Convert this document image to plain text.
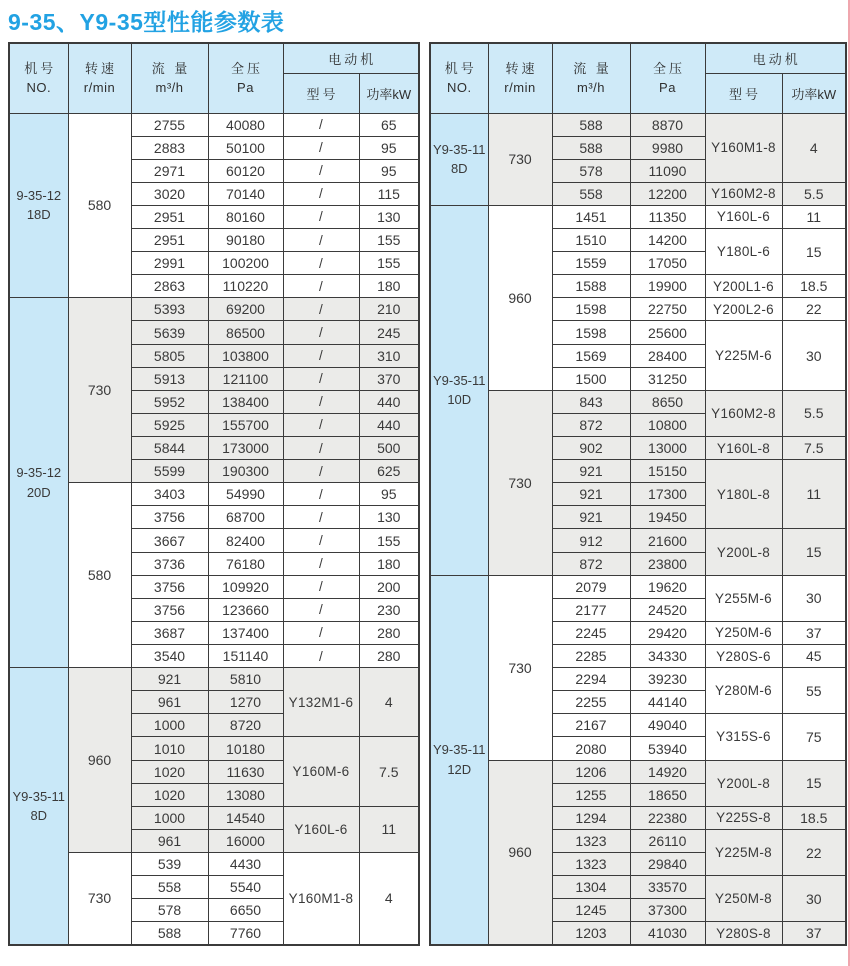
9-35、Y9-35型性能参数表
机号
NO.

转速
r/min

流 量
m³/h

全压
Pa
	电动机
				型号	功率kW

9-35-12
18D	580	2755	40080	/	65
		2883	50100	/	95
		2971	60120	/	95
		3020	70140	/	115
		2951	80160	/	130
		2951	90180	/	155
		2991	100200	/	155
		2863	110220	/	180

9-35-12
20D	730	5393	69200	/	210
		5639	86500	/	245
		5805	103800	/	310
		5913	121100	/	370
		5952	138400	/	440
		5925	155700	/	440
		5844	173000	/	500
		5599	190300	/	625
	580	3403	54990	/	95
		3756	68700	/	130
		3667	82400	/	155
		3736	76180	/	180
		3756	109920	/	200
		3756	123660	/	230
		3687	137400	/	280
		3540	151140	/	280

Y9-35-11
8D	960	921	5810	Y132M1-6	4
		961	1270		
		1000	8720		
		1010	10180	Y160M-6	7.5
		1020	11630		
		1020	13080		
		1000	14540	Y160L-6	11
		961	16000		
	730	539	4430	Y160M1-8	4
		558	5540		
		578	6650		
		588	7760		
机号
NO.

转速
r/min

流 量
m³/h

全压
Pa
	电动机
				型号	功率kW

Y9-35-11
8D	730	588	8870	Y160M1-8	4
		588	9980		
		578	11090		
		558	12200	Y160M2-8	5.5

Y9-35-11
10D	960	1451	11350	Y160L-6	11
		1510	14200	Y180L-6	15
		1559	17050		
		1588	19900	Y200L1-6	18.5
		1598	22750	Y200L2-6	22
		1598	25600	Y225M-6	30
		1569	28400		
		1500	31250		
	730	843	8650	Y160M2-8	5.5
		872	10800		
		902	13000	Y160L-8	7.5
		921	15150	Y180L-8	11
		921	17300		
		921	19450		
		912	21600	Y200L-8	15
		872	23800		

Y9-35-11
12D	730	2079	19620	Y255M-6	30
		2177	24520		
		2245	29420	Y250M-6	37
		2285	34330	Y280S-6	45
		2294	39230	Y280M-6	55
		2255	44140		
		2167	49040	Y315S-6	75
		2080	53940		
	960	1206	14920	Y200L-8	15
		1255	18650		
		1294	22380	Y225S-8	18.5
		1323	26110	Y225M-8	22
		1323	29840		
		1304	33570	Y250M-8	30
		1245	37300		
		1203	41030	Y280S-8	37
